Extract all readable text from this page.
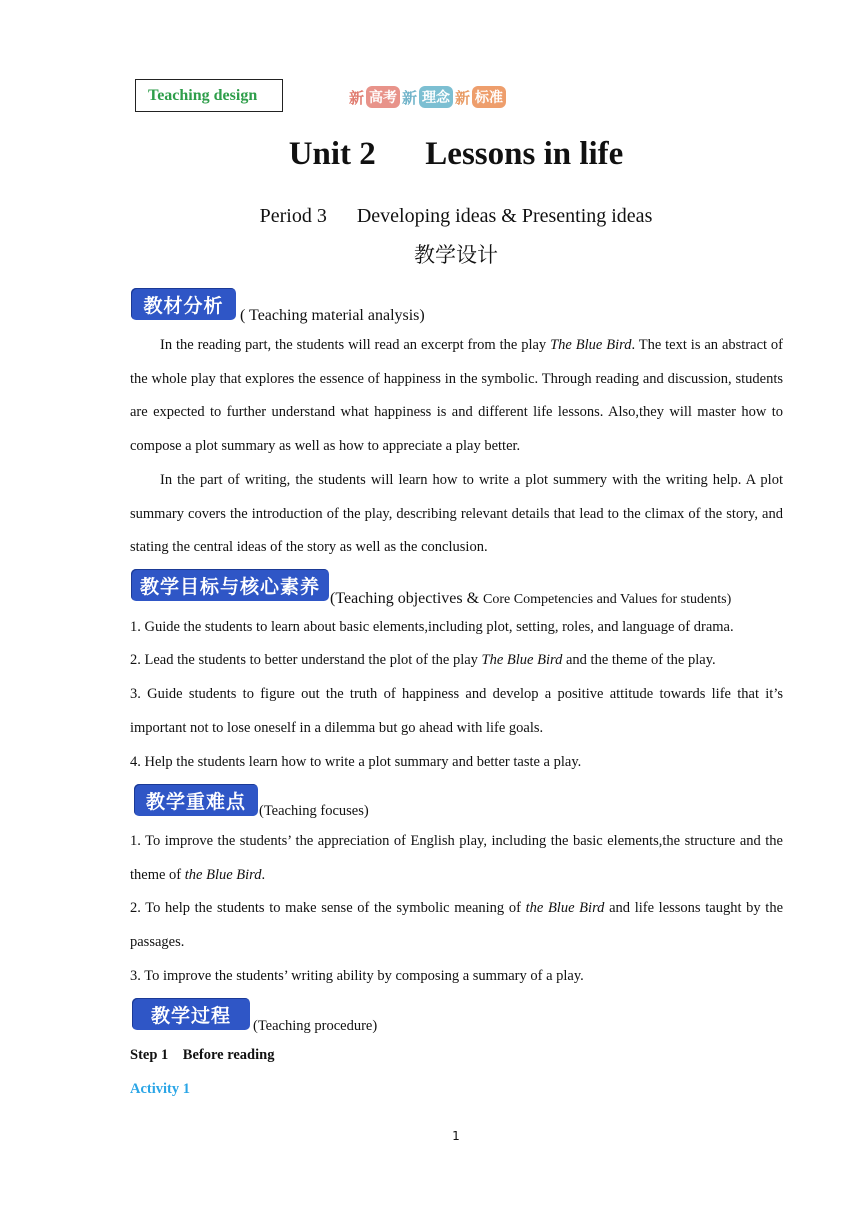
Teaching design	新 高考 新 理念 新 标准
Unit 2      Lessons in life
Period 3      Developing ideas & Presenting ideas
教学设计
教材分析	( Teaching material analysis)
In the reading part, the students will read an excerpt from the play The Blue Bird. The text is an abstract of the whole play that explores the essence of happiness in the symbolic. Through reading and discussion, students are expected to further understand what happiness is and different life lessons. Also,they will master how to compose a plot summary as well as how to appreciate a play better.
In the part of writing, the students will learn how to write a plot summery with the writing help. A plot summary covers the introduction of the play, describing relevant details that lead to the climax of the story, and stating the central ideas of the story as well as the conclusion.
教学目标与核心素养
(Teaching objectives & Core Competencies and Values for students)
1. Guide the students to learn about basic elements,including plot, setting, roles, and language of drama.
2. Lead the students to better understand the plot of the play The Blue Bird and the theme of the play.
3. Guide students to figure out the truth of happiness and develop a positive attitude towards life that it’s important not to lose oneself in a dilemma but go ahead with life goals.
4. Help the students learn how to write a plot summary and better taste a play.
教学重难点 (Teaching focuses)
1. To improve the students’ the appreciation of English play, including the basic elements,the structure and the theme of the Blue Bird.
2. To help the students to make sense of the symbolic meaning of the Blue Bird and life lessons taught by the passages.
3. To improve the students’ writing ability by composing a summary of a play.
教学过程	(Teaching procedure)
Step 1    Before reading
Activity 1
1
